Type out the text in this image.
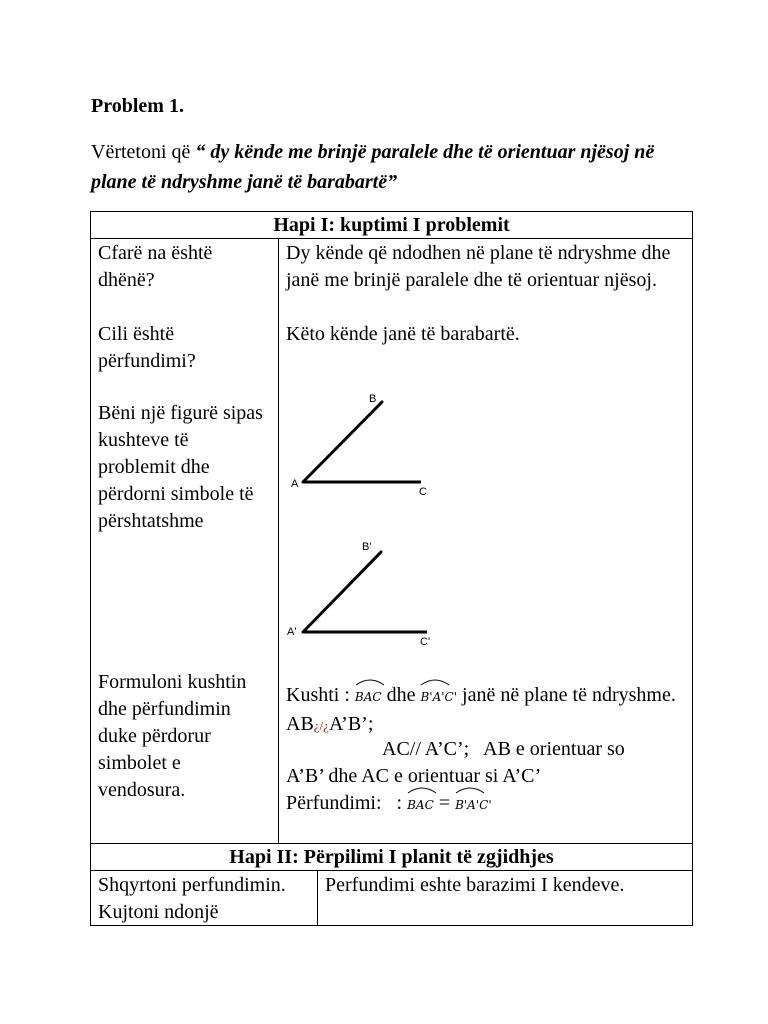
Problem 1.
Vërtetoni që “ dy kënde me brinjë paralele dhe të orientuar njësoj në plane të ndryshme janë të barabartë”
Hapi I: kuptimi I problemit
Cfarë na është dhënë?
Cili është përfundimi?
Bëni një figurë sipas kushteve të problemit dhe përdorni simbole të përshtatshme
Formuloni kushtin dhe përfundimin duke përdorur simbolet e vendosura.
Dy kënde që ndodhen në plane të ndryshme dhe janë me brinjë paralele dhe të orientuar njësoj.
Këto kënde janë të barabartë.
A
B
C
A'
B'
C'
Kushti :
BAC dhe
B'A'C' janë në plane të ndryshme. AB¿/¿A’B’;
AC// A’C’;   AB e orientuar so
A’B’ dhe AC e orientuar si A’C’
Përfundimi:   :
BAC =
B'A'C'
Hapi II: Përpilimi I planit të zgjidhjes
Shqyrtoni perfundimin. Kujtoni ndonjë
Perfundimi eshte barazimi I kendeve.
